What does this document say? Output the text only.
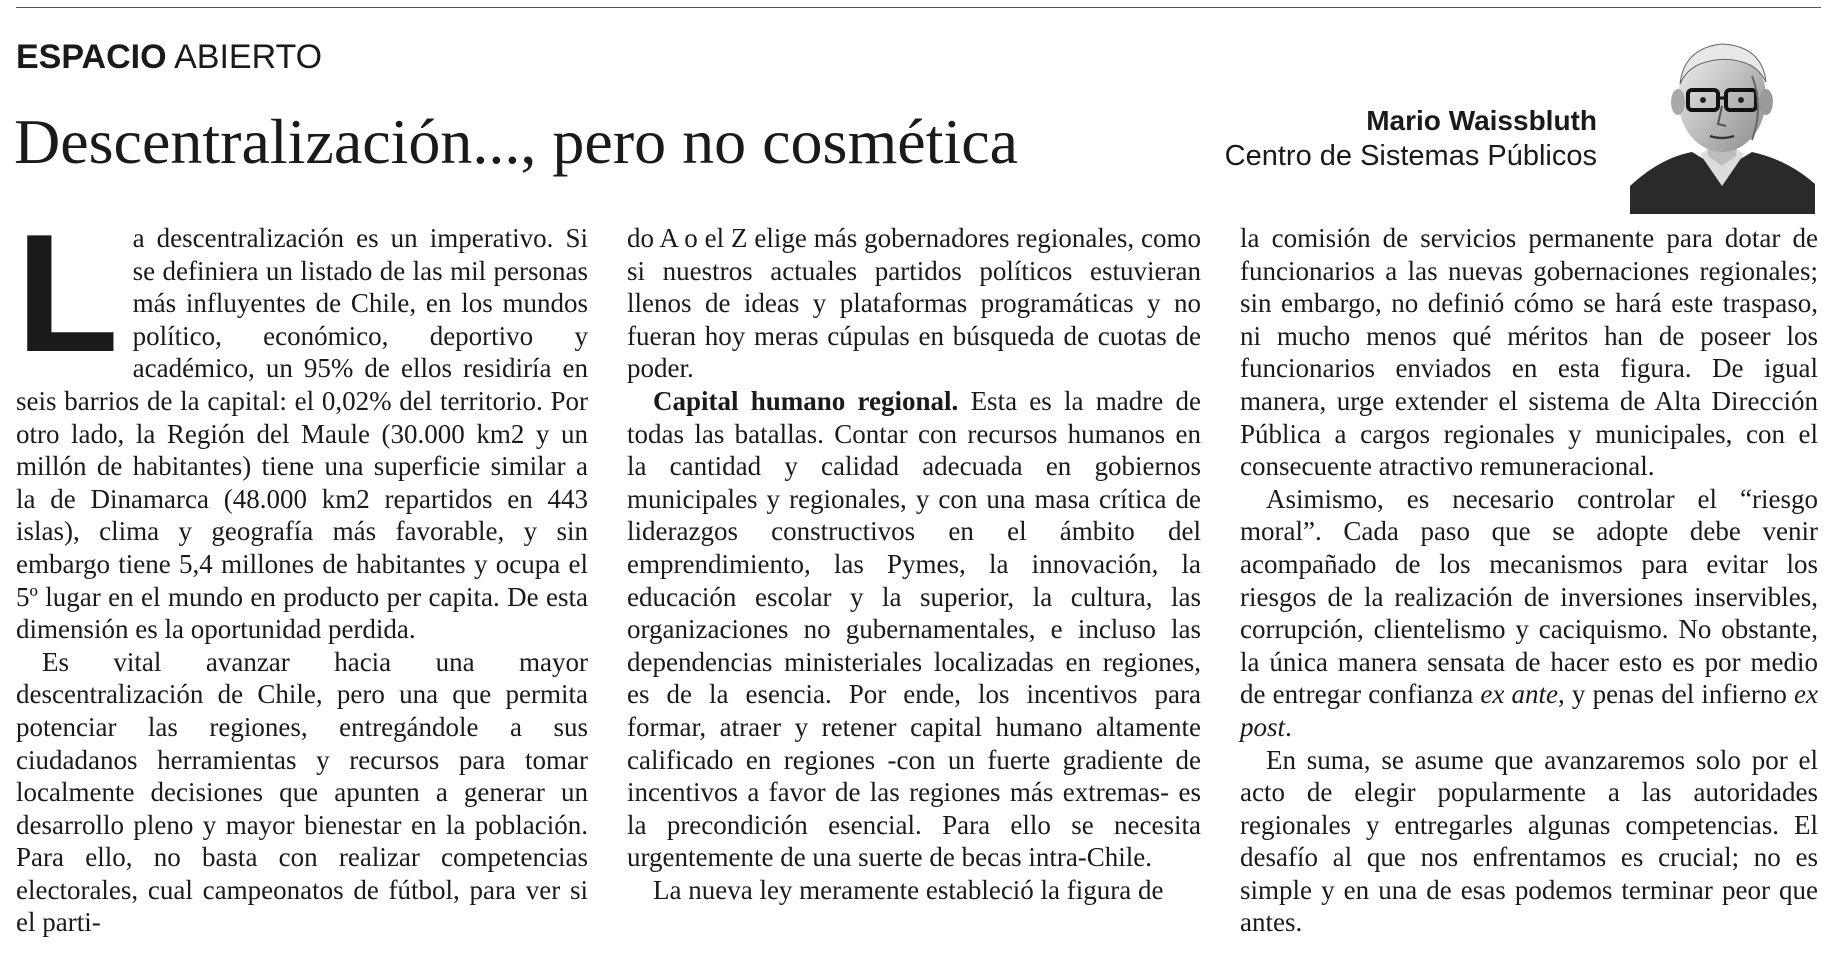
ESPACIO ABIERTO
Descentralización..., pero no cosmética	Mario Waissbluth
Centro de Sistemas Públicos

La descentralización es un imperativo. Si se definiera un listado de las mil personas más influyentes de Chile, en los mundos político, económico, deportivo y académico, un 95% de ellos residiría en seis barrios de la capital: el 0,02% del territorio. Por otro lado, la Región del Maule (30.000 km2 y un millón de habitantes) tiene una superficie similar a la de Dinamarca (48.000 km2 repartidos en 443 islas), clima y geografía más favorable, y sin embargo tiene 5,4 millones de habitantes y ocupa el 5º lugar en el mundo en producto per capita. De esta dimensión es la oportunidad perdida.

Es vital avanzar hacia una mayor descentralización de Chile, pero una que permita potenciar las regiones, entregándole a sus ciudadanos herramientas y recursos para tomar localmente decisiones que apunten a generar un desarrollo pleno y mayor bienestar en la población. Para ello, no basta con realizar competencias electorales, cual campeonatos de fútbol, para ver si el parti-

do A o el Z elige más gobernadores regionales, como si nuestros actuales partidos políticos estuvieran llenos de ideas y plataformas programáticas y no fueran hoy meras cúpulas en búsqueda de cuotas de poder.

Capital humano regional. Esta es la madre de todas las batallas. Contar con recursos humanos en la cantidad y calidad adecuada en gobiernos municipales y regionales, y con una masa crítica de liderazgos constructivos en el ámbito del emprendimiento, las Pymes, la innovación, la educación escolar y la superior, la cultura, las organizaciones no gubernamentales, e incluso las dependencias ministeriales localizadas en regiones, es de la esencia. Por ende, los incentivos para formar, atraer y retener capital humano altamente calificado en regiones -con un fuerte gradiente de incentivos a favor de las regiones más extremas- es la precondición esencial. Para ello se necesita urgentemente de una suerte de becas intra-Chile.

La nueva ley meramente estableció la figura de

la comisión de servicios permanente para dotar de funcionarios a las nuevas gobernaciones regionales; sin embargo, no definió cómo se hará este traspaso, ni mucho menos qué méritos han de poseer los funcionarios enviados en esta figura. De igual manera, urge extender el sistema de Alta Dirección Pública a cargos regionales y municipales, con el consecuente atractivo remuneracional.

Asimismo, es necesario controlar el “riesgo moral”. Cada paso que se adopte debe venir acompañado de los mecanismos para evitar los riesgos de la realización de inversiones inservibles, corrupción, clientelismo y caciquismo. No obstante, la única manera sensata de hacer esto es por medio de entregar confianza ex ante, y penas del infierno ex post.

En suma, se asume que avanzaremos solo por el acto de elegir popularmente a las autoridades regionales y entregarles algunas competencias. El desafío al que nos enfrentamos es crucial; no es simple y en una de esas podemos terminar peor que antes.
